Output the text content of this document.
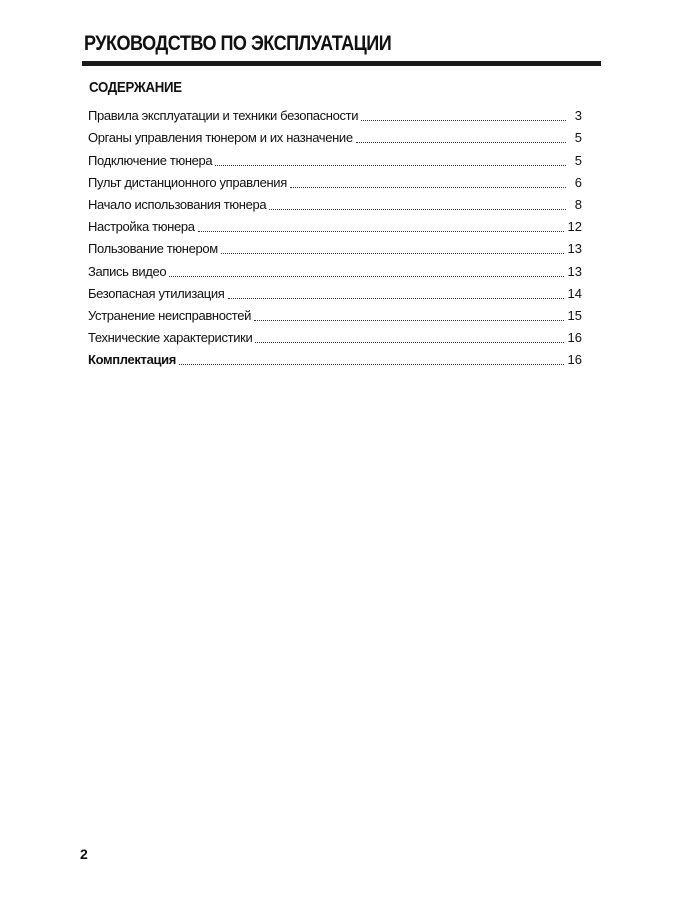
РУКОВОДСТВО ПО ЭКСПЛУАТАЦИИ
СОДЕРЖАНИЕ
Правила эксплуатации и техники безопасности	3
Органы управления тюнером и их назначение	5
Подключение тюнера	5
Пульт дистанционного управления	6
Начало использования тюнера	8
Настройка тюнера	12
Пользование тюнером	13
Запись видео	13
Безопасная утилизация	14
Устранение неисправностей	15
Технические характеристики	16
Комплектация	16
2
